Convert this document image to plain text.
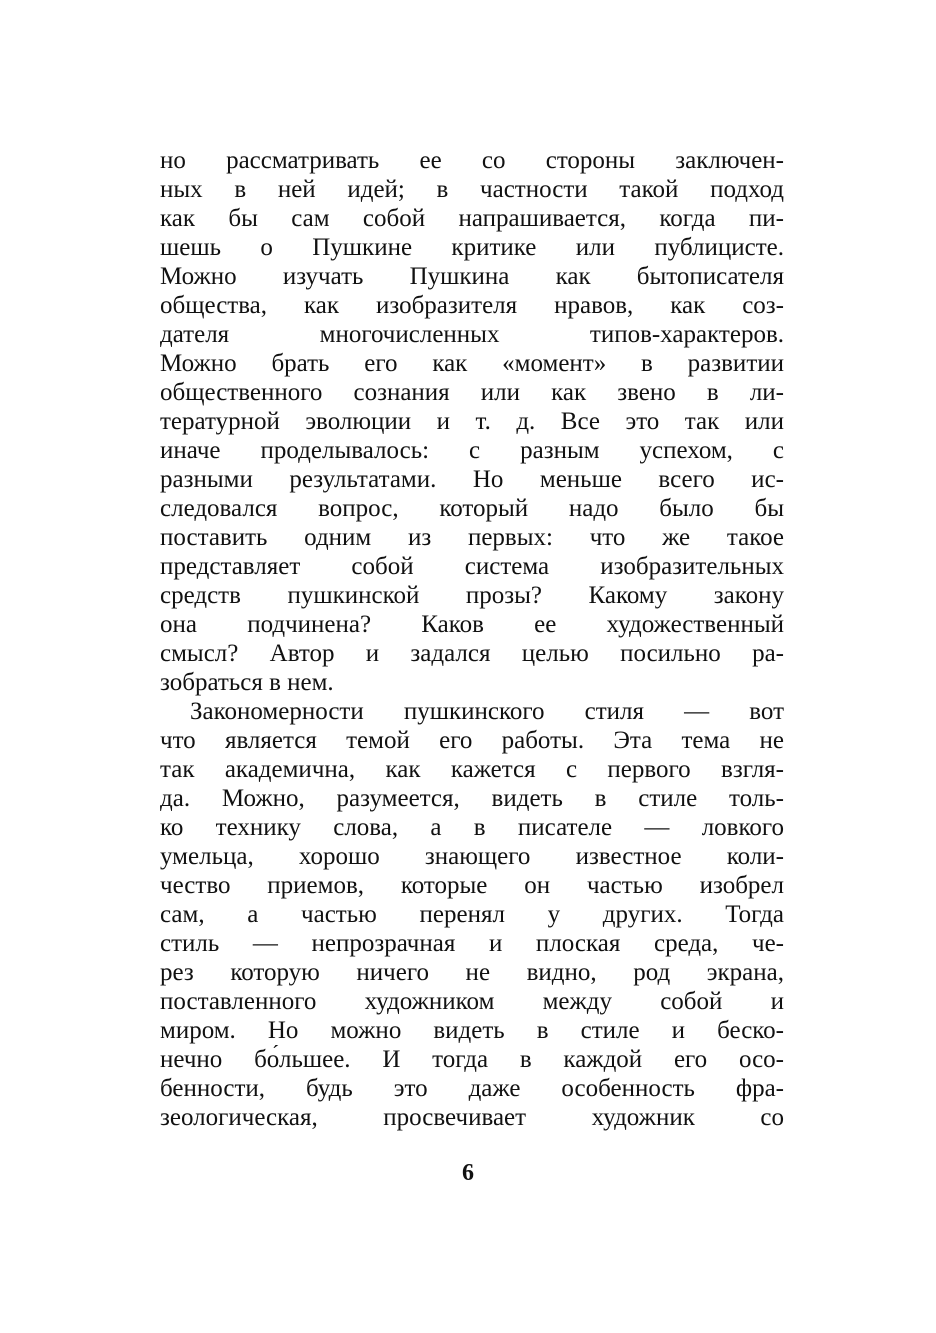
но рассматривать ее со стороны заключен-
ных в ней идей; в частности такой подход
как бы сам собой напрашивается, когда пи-
шешь о Пушкине критике или публицисте.
Можно изучать Пушкина как бытописателя
общества, как изобразителя нравов, как соз-
дателя многочисленных типов-характеров.
Можно брать его как «момент» в развитии
общественного сознания или как звено в ли-
тературной эволюции и т. д. Все это так или
иначе проделывалось: с разным успехом, с
разными результатами. Но меньше всего ис-
следовался вопрос, который надо было бы
поставить одним из первых: что же такое
представляет собой система изобразительных
средств пушкинской прозы? Какому закону
она подчинена? Каков ее художественный
смысл? Автор и задался целью посильно ра-
зобраться в нем.
Закономерности пушкинского стиля — вот
что является темой его работы. Эта тема не
так академична, как кажется с первого взгля-
да. Можно, разумеется, видеть в стиле толь-
ко технику слова, а в писателе — ловкого
умельца, хорошо знающего известное коли-
чество приемов, которые он частью изобрел
сам, а частью перенял у других. Тогда
стиль — непрозрачная и плоская среда, че-
рез которую ничего не видно, род экрана,
поставленного художником между собой и
миром. Но можно видеть в стиле и беско-
нечно бо́льшее. И тогда в каждой его осо-
бенности, будь это даже особенность фра-
зеологическая, просвечивает художник со
6
